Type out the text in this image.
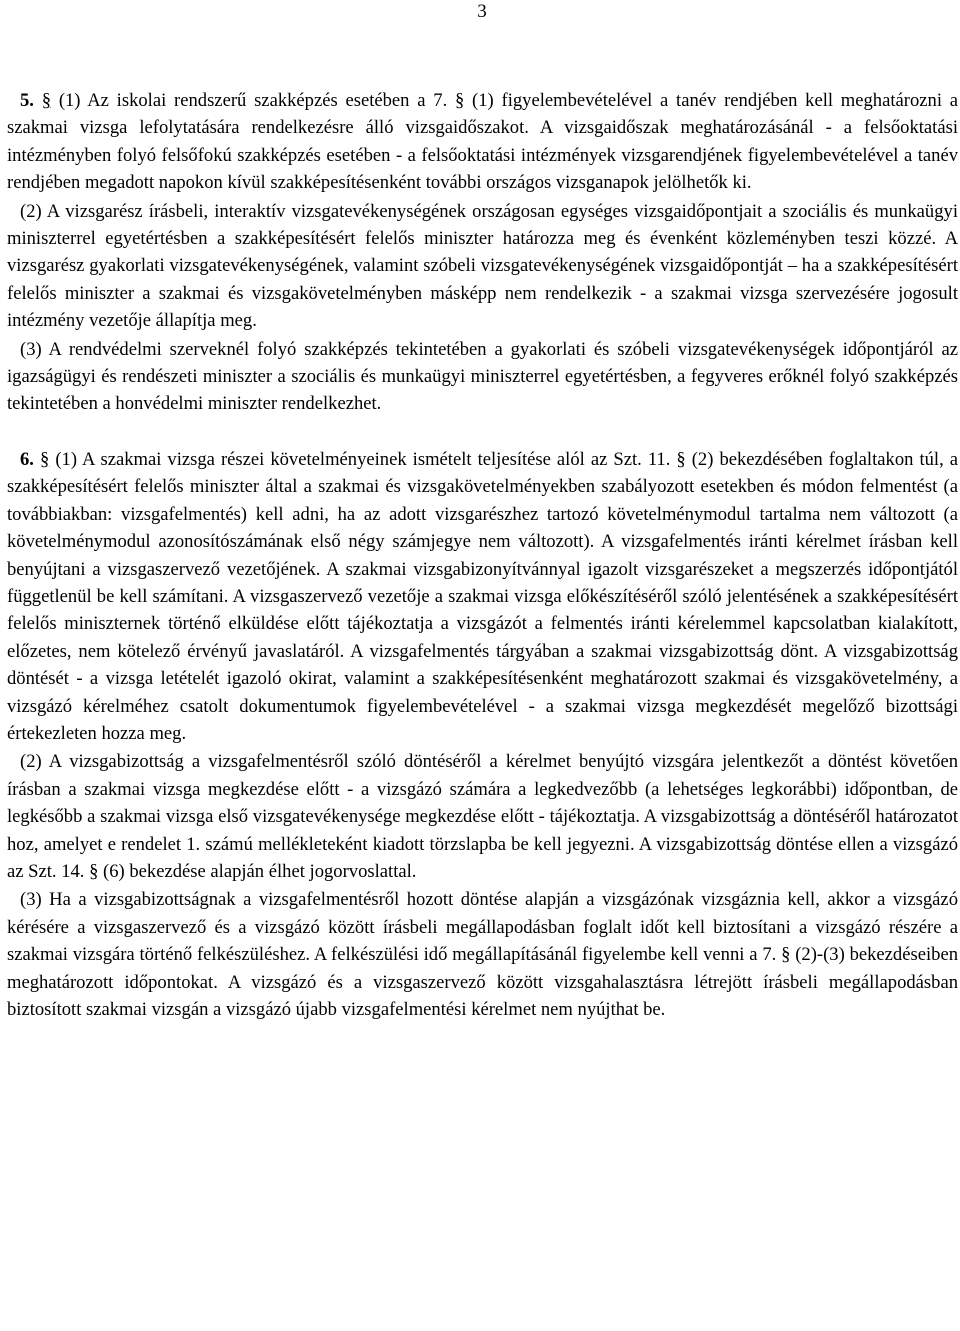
3

5. § (1) Az iskolai rendszerű szakképzés esetében a 7. § (1) figyelembevételével a tanév rendjében kell meghatározni a szakmai vizsga lefolytatására rendelkezésre álló vizsgaidőszakot. A vizsgaidőszak meghatározásánál - a felsőoktatási intézményben folyó felsőfokú szakképzés esetében - a felsőoktatási intézmények vizsgarendjének figyelembevételével a tanév rendjében megadott napokon kívül szakképesítésenként további országos vizsganapok jelölhetők ki.

(2) A vizsgarész írásbeli, interaktív vizsgatevékenységének országosan egységes vizsgaidőpontjait a szociális és munkaügyi miniszterrel egyetértésben a szakképesítésért felelős miniszter határozza meg és évenként közleményben teszi közzé. A vizsgarész gyakorlati vizsgatevékenységének, valamint szóbeli vizsgatevékenységének vizsgaidőpontját – ha a szakképesítésért felelős miniszter a szakmai és vizsgakövetelményben másképp nem rendelkezik - a szakmai vizsga szervezésére jogosult intézmény vezetője állapítja meg.

(3) A rendvédelmi szerveknél folyó szakképzés tekintetében a gyakorlati és szóbeli vizsgatevékenységek időpontjáról az igazságügyi és rendészeti miniszter a szociális és munkaügyi miniszterrel egyetértésben, a fegyveres erőknél folyó szakképzés tekintetében a honvédelmi miniszter rendelkezhet.

6. § (1) A szakmai vizsga részei követelményeinek ismételt teljesítése alól az Szt. 11. § (2) bekezdésében foglaltakon túl, a szakképesítésért felelős miniszter által a szakmai és vizsgakövetelményekben szabályozott esetekben és módon felmentést (a továbbiakban: vizsgafelmentés) kell adni, ha az adott vizsgarészhez tartozó követelménymodul tartalma nem változott (a követelménymodul azonosítószámának első négy számjegye nem változott). A vizsgafelmentés iránti kérelmet írásban kell benyújtani a vizsgaszervező vezetőjének. A szakmai vizsgabizonyítvánnyal igazolt vizsgarészeket a megszerzés időpontjától függetlenül be kell számítani. A vizsgaszervező vezetője a szakmai vizsga előkészítéséről szóló jelentésének a szakképesítésért felelős miniszternek történő elküldése előtt tájékoztatja a vizsgázót a felmentés iránti kérelemmel kapcsolatban kialakított, előzetes, nem kötelező érvényű javaslatáról. A vizsgafelmentés tárgyában a szakmai vizsgabizottság dönt. A vizsgabizottság döntését - a vizsga letételét igazoló okirat, valamint a szakképesítésenként meghatározott szakmai és vizsgakövetelmény, a vizsgázó kérelméhez csatolt dokumentumok figyelembevételével - a szakmai vizsga megkezdését megelőző bizottsági értekezleten hozza meg.

(2) A vizsgabizottság a vizsgafelmentésről szóló döntéséről a kérelmet benyújtó vizsgára jelentkezőt a döntést követően írásban a szakmai vizsga megkezdése előtt - a vizsgázó számára a legkedvezőbb (a lehetséges legkorábbi) időpontban, de legkésőbb a szakmai vizsga első vizsgatevékenysége megkezdése előtt - tájékoztatja. A vizsgabizottság a döntéséről határozatot hoz, amelyet e rendelet 1. számú mellékleteként kiadott törzslapba be kell jegyezni. A vizsgabizottság döntése ellen a vizsgázó az Szt. 14. § (6) bekezdése alapján élhet jogorvoslattal.

(3) Ha a vizsgabizottságnak a vizsgafelmentésről hozott döntése alapján a vizsgázónak vizsgáznia kell, akkor a vizsgázó kérésére a vizsgaszervező és a vizsgázó között írásbeli megállapodásban foglalt időt kell biztosítani a vizsgázó részére a szakmai vizsgára történő felkészüléshez. A felkészülési idő megállapításánál figyelembe kell venni a 7. § (2)-(3) bekezdéseiben meghatározott időpontokat. A vizsgázó és a vizsgaszervező között vizsgahalasztásra létrejött írásbeli megállapodásban biztosított szakmai vizsgán a vizsgázó újabb vizsgafelmentési kérelmet nem nyújthat be.
